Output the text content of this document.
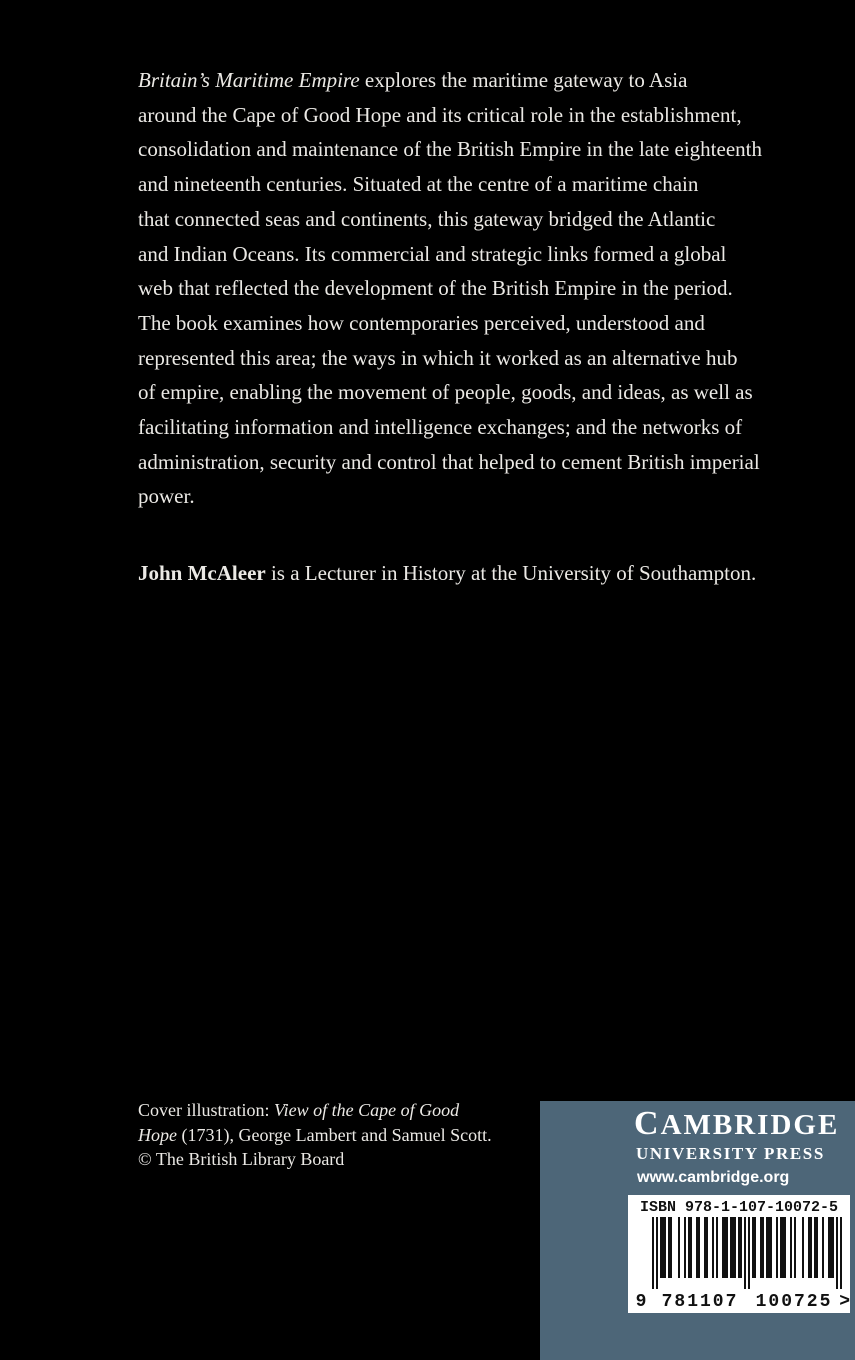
Britain’s Maritime Empire explores the maritime gateway to Asia
around the Cape of Good Hope and its critical role in the establishment,
consolidation and maintenance of the British Empire in the late eighteenth
and nineteenth centuries. Situated at the centre of a maritime chain
that connected seas and continents, this gateway bridged the Atlantic
and Indian Oceans. Its commercial and strategic links formed a global
web that reflected the development of the British Empire in the period.
The book examines how contemporaries perceived, understood and
represented this area; the ways in which it worked as an alternative hub
of empire, enabling the movement of people, goods, and ideas, as well as
facilitating information and intelligence exchanges; and the networks of
administration, security and control that helped to cement British imperial
power.
John McAleer is a Lecturer in History at the University of Southampton.
Cover illustration: View of the Cape of Good
Hope (1731), George Lambert and Samuel Scott.
© The British Library Board
CAMBRIDGE
UNIVERSITY PRESS
www.cambridge.org
ISBN 978-1-107-10072-5
9 781107 100725 >
